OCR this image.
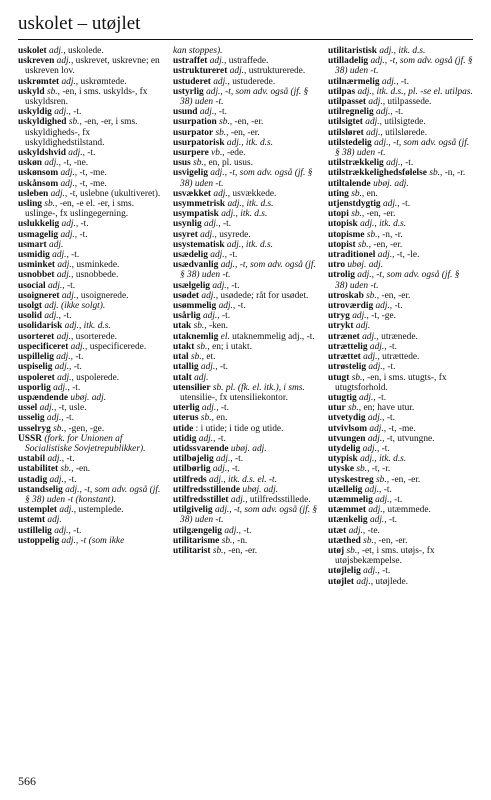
uskolet – utøjlet

uskolet adj., uskolede.

uskreven adj., uskrevet, uskrevne; en uskreven lov.

uskrømtet adj., uskrømtede.

uskyld sb., -en, i sms. uskylds-, fx uskyldsren.

uskyldig adj., -t.

uskyldighed sb., -en, -er, i sms. uskyldigheds-, fx uskyldighedstilstand.

uskyldshvid adj., -t.

uskøn adj., -t, -ne.

uskønsom adj., -t, -me.

uskånsom adj., -t, -me.

usleben adj., -t, uslebne (ukultiveret).

usling sb., -en, -e el. -er, i sms. uslinge-, fx uslingegerning.

uslukkelig adj., -t.

usmagelig adj., -t.

usmart adj.

usmidig adj., -t.

usminket adj., usminkede.

usnobbet adj., usnobbede.

usocial adj., -t.

usoigneret adj., usoignerede.

usolgt adj. (ikke solgt).

usolid adj., -t.

usolidarisk adj., itk. d.s.

usorteret adj., usorterede.

uspecificeret adj., uspecificerede.

uspillelig adj., -t.

uspiselig adj., -t.

uspoleret adj., uspolerede.

usporlig adj., -t.

uspændende ubøj. adj.

ussel adj., -t, usle.

usselig adj., -t.

usselryg sb., -gen, -ge.

USSR (fork. for Unionen af Socialistiske Sovjetrepublikker).

ustabil adj., -t.

ustabilitet sb., -en.

ustadig adj., -t.

ustandselig adj., -t, som adv. også (jf. § 38) uden -t (konstant).

ustemplet adj., ustemplede.

ustemt adj.

ustillelig adj., -t.

ustoppelig adj., -t (som ikke

kan stoppes).

ustraffet adj., ustraffede.

ustruktureret adj., ustrukturerede.

ustuderet adj., ustuderede.

ustyrlig adj., -t, som adv. også (jf. § 38) uden -t.

usund adj., -t.

usurpation sb., -en, -er.

usurpator sb., -en, -er.

usurpatorisk adj., itk. d.s.

usurpere vb., -ede.

usus sb., en, pl. usus.

usvigelig adj., -t, som adv. også (jf. § 38) uden -t.

usvækket adj., usvækkede.

usymmetrisk adj., itk. d.s.

usympatisk adj., itk. d.s.

usynlig adj., -t.

usyret adj., usyrede.

usystematisk adj., itk. d.s.

usædelig adj., -t.

usædvanlig adj., -t, som adv. også (jf. § 38) uden -t.

usælgelig adj., -t.

usødet adj., usødede; råt for usødet.

usømmelig adj., -t.

usårlig adj., -t.

utak sb., -ken.

utaknemlig el. utaknemmelig adj., -t.

utakt sb., en; i utakt.

utal sb., et.

utallig adj., -t.

utalt adj.

utensilier sb. pl. (fk. el. itk.), i sms. utensilie-, fx utensiliekontor.

uterlig adj., -t.

uterus sb., en.

utide : i utide; i tide og utide.

utidig adj., -t.

utidssvarende ubøj. adj.

utilbøjelig adj., -t.

utilbørlig adj., -t.

utilfreds adj., itk. d.s. el. -t.

utilfredsstillende ubøj. adj.

utilfredsstillet adj., utilfredsstillede.

utilgivelig adj., -t, som adv. også (jf. § 38) uden -t.

utilgængelig adj., -t.

utilitarisme sb., -n.

utilitarist sb., -en, -er.

utilitaristisk adj., itk. d.s.

utilladelig adj., -t, som adv. også (jf. § 38) uden -t.

utilnærmelig adj., -t.

utilpas adj., itk. d.s., pl. -se el. utilpas.

utilpasset adj., utilpassede.

utilregnelig adj., -t.

utilsigtet adj., utilsigtede.

utilsløret adj., utilslørede.

utilstedelig adj., -t, som adv. også (jf. § 38) uden -t.

utilstrækkelig adj., -t.

utilstrækkelighedsfølelse sb., -n, -r.

utiltalende ubøj. adj.

uting sb., en.

utjenstdygtig adj., -t.

utopi sb., -en, -er.

utopisk adj., itk. d.s.

utopisme sb., -n, -r.

utopist sb., -en, -er.

utraditionel adj., -t, -le.

utro ubøj. adj.

utrolig adj., -t, som adv. også (jf. § 38) uden -t.

utroskab sb., -en, -er.

utroværdig adj., -t.

utryg adj., -t, -ge.

utrykt adj.

utrænet adj., utrænede.

utrættelig adj., -t.

utrættet adj., utrættede.

utrøstelig adj., -t.

utugt sb., -en, i sms. utugts-, fx utugtsforhold.

utugtig adj., -t.

utur sb., en; have utur.

utvetydig adj., -t.

utvivlsom adj., -t, -me.

utvungen adj., -t, utvungne.

utydelig adj., -t.

utypisk adj., itk. d.s.

utyske sb., -t, -r.

utyskestreg sb., -en, -er.

utællelig adj., -t.

utæmmelig adj., -t.

utæmmet adj., utæmmede.

utænkelig adj., -t.

utæt adj., -te.

utæthed sb., -en, -er.

utøj sb., -et, i sms. utøjs-, fx utøjsbekæmpelse.

utøjlelig adj., -t.

utøjlet adj., utøjlede.

566
